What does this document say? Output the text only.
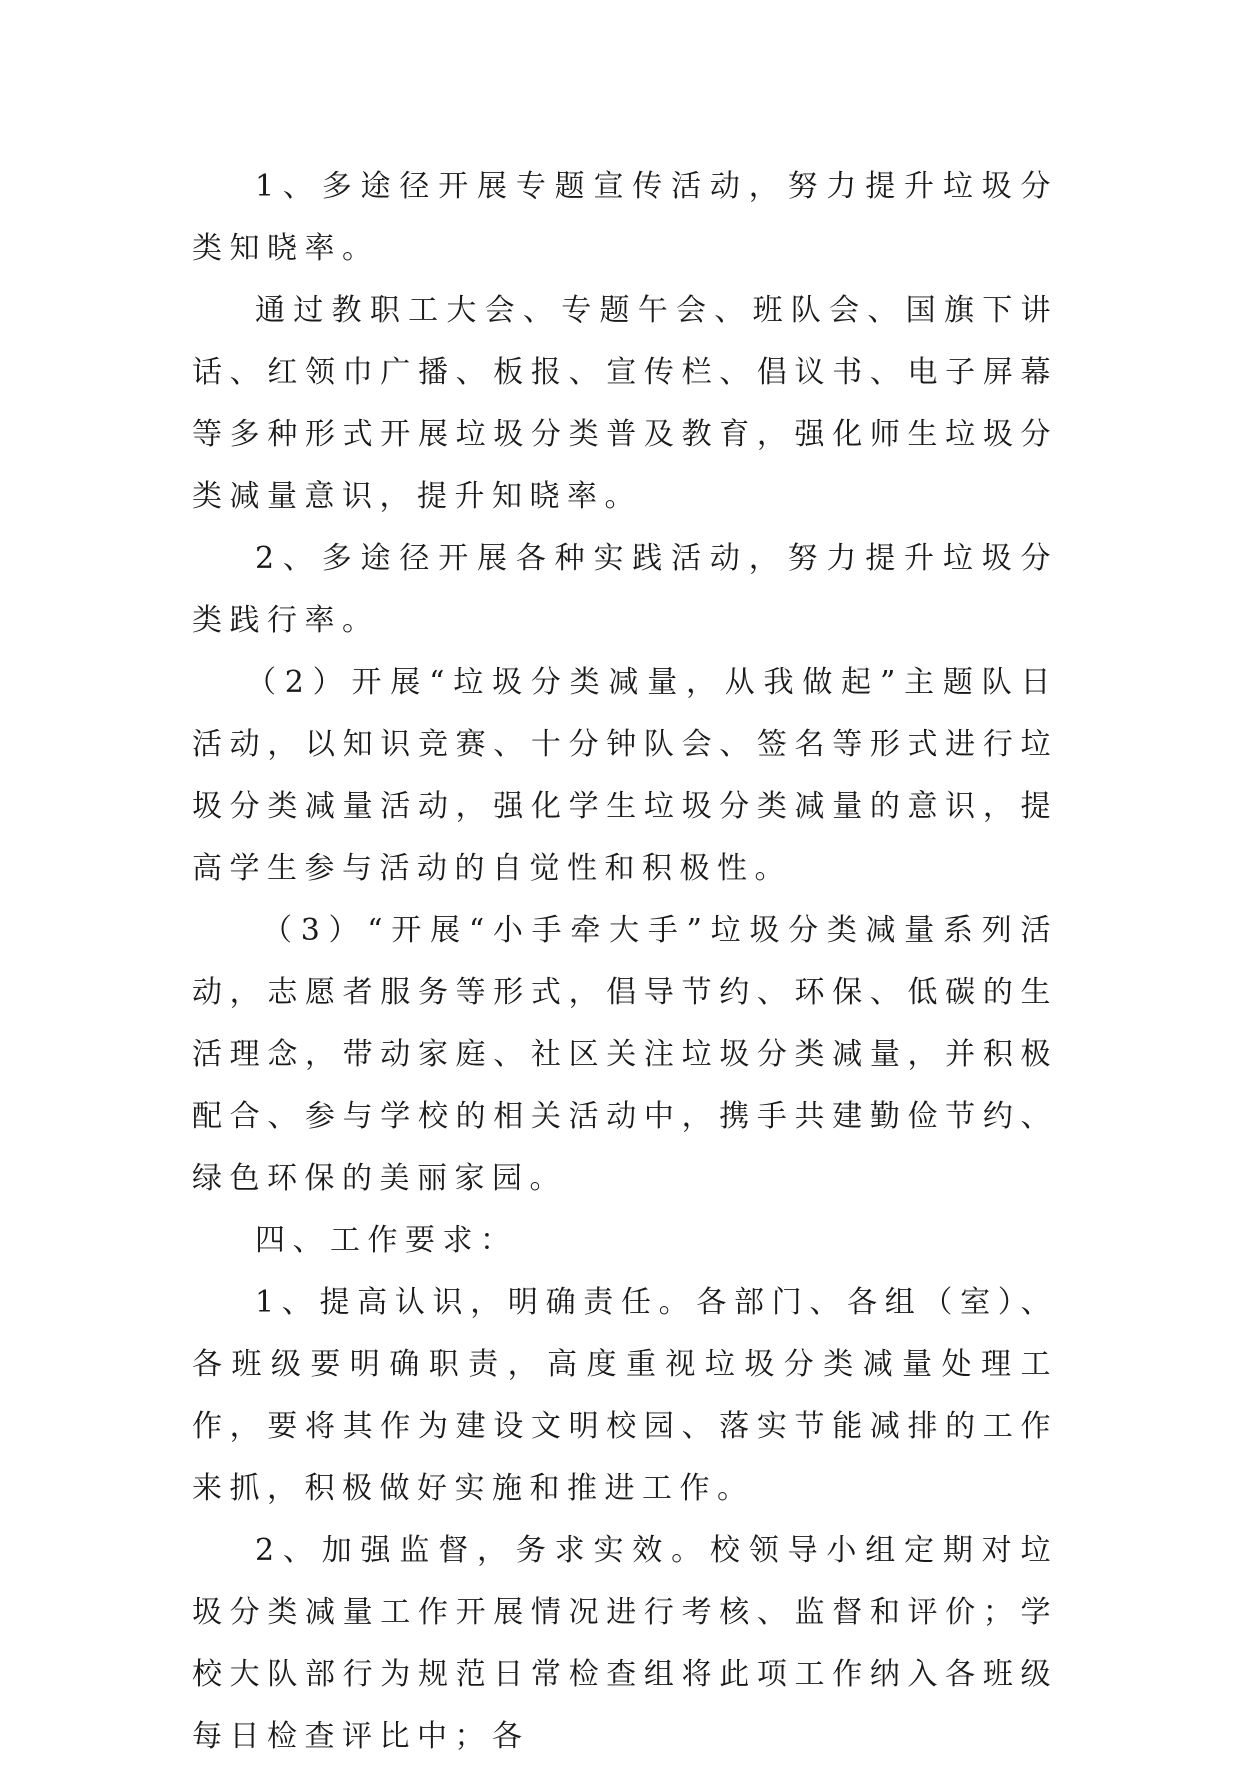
1、多途径开展专题宣传活动，努力提升垃圾分类知晓率。

通过教职工大会、专题午会、班队会、国旗下讲话、红领巾广播、板报、宣传栏、倡议书、电子屏幕等多种形式开展垃圾分类普及教育，强化师生垃圾分类减量意识，提升知晓率。

2、多途径开展各种实践活动，努力提升垃圾分类践行率。

（2）开展“垃圾分类减量，从我做起”主题队日活动，以知识竞赛、十分钟队会、签名等形式进行垃圾分类减量活动，强化学生垃圾分类减量的意识，提高学生参与活动的自觉性和积极性。

（3）“开展“小手牵大手”垃圾分类减量系列活动，志愿者服务等形式，倡导节约、环保、低碳的生活理念，带动家庭、社区关注垃圾分类减量，并积极配合、参与学校的相关活动中，携手共建勤俭节约、绿色环保的美丽家园。

四、工作要求：

1、提高认识，明确责任。各部门、各组（室）、各班级要明确职责，高度重视垃圾分类减量处理工作，要将其作为建设文明校园、落实节能减排的工作来抓，积极做好实施和推进工作。

2、加强监督，务求实效。校领导小组定期对垃圾分类减量工作开展情况进行考核、监督和评价；学校大队部行为规范日常检查组将此项工作纳入各班级每日检查评比中；各
